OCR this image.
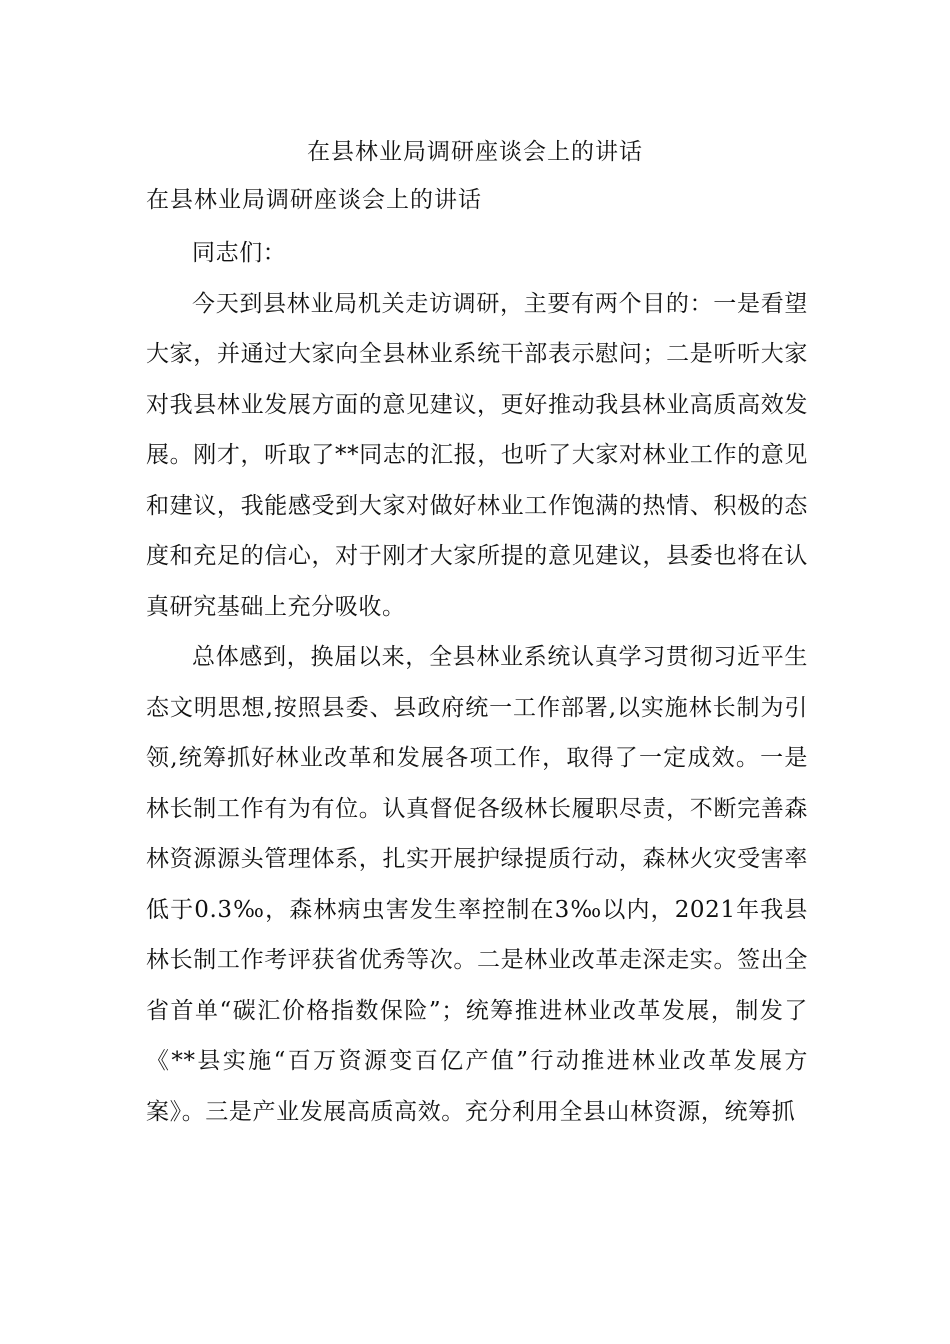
在县林业局调研座谈会上的讲话
在县林业局调研座谈会上的讲话

同志们：

今天到县林业局机关走访调研，主要有两个目的：一是看望大家，并通过大家向全县林业系统干部表示慰问；二是听听大家对我县林业发展方面的意见建议，更好推动我县林业高质高效发展。刚才，听取了**同志的汇报，也听了大家对林业工作的意见和建议，我能感受到大家对做好林业工作饱满的热情、积极的态度和充足的信心，对于刚才大家所提的意见建议，县委也将在认真研究基础上充分吸收。

总体感到，换届以来，全县林业系统认真学习贯彻习近平生态文明思想,按照县委、县政府统一工作部署,以实施林长制为引领,统筹抓好林业改革和发展各项工作，取得了一定成效。一是林长制工作有为有位。认真督促各级林长履职尽责，不断完善森林资源源头管理体系，扎实开展护绿提质行动，森林火灾受害率低于0.3‰，森林病虫害发生率控制在3‰以内，2021年我县林长制工作考评获省优秀等次。二是林业改革走深走实。签出全省首单“碳汇价格指数保险”；统筹推进林业改革发展，制发了《**县实施“百万资源变百亿产值”行动推进林业改革发展方案》。三是产业发展高质高效。充分利用全县山林资源，统筹抓
